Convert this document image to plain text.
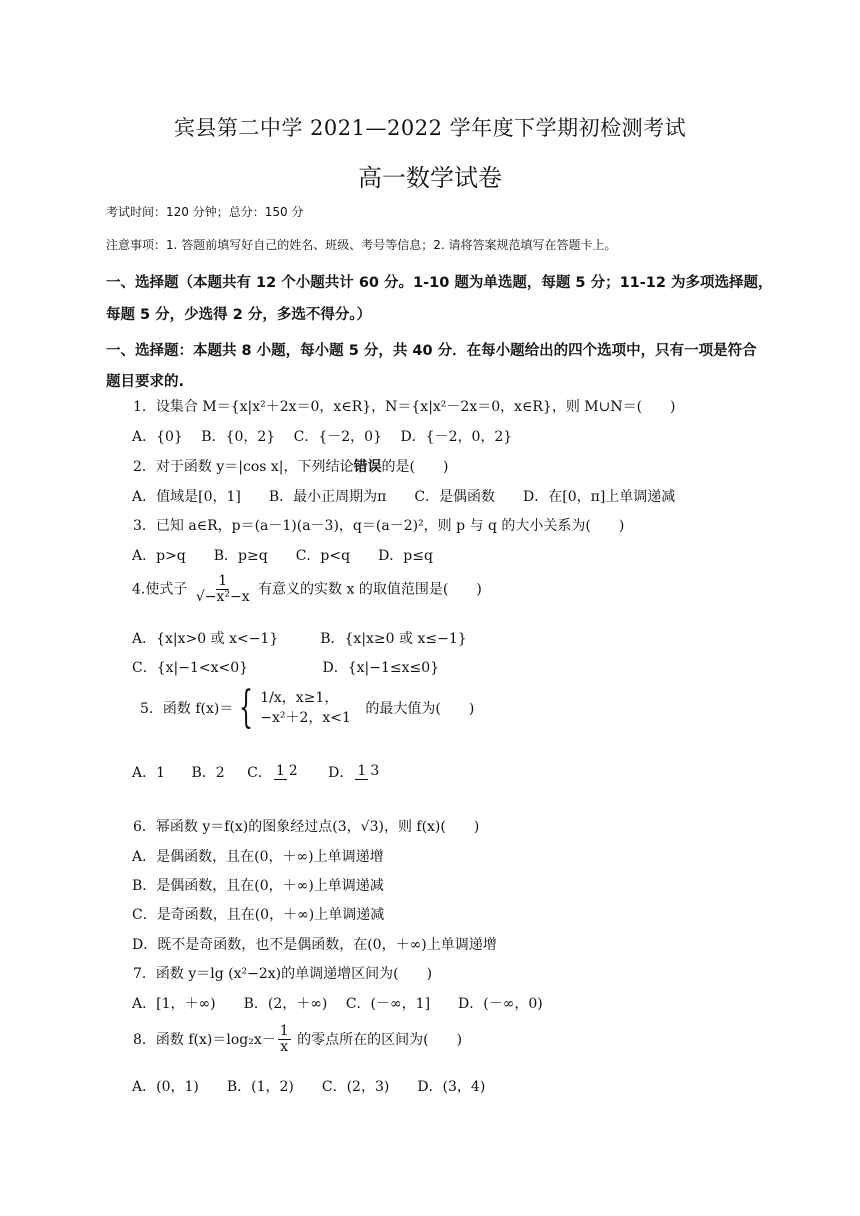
宾县第二中学 2021—2022 学年度下学期初检测考试
高一数学试卷
考试时间：120 分钟；总分：150 分
注意事项：1. 答题前填写好自己的姓名、班级、考号等信息；2. 请将答案规范填写在答题卡上。
一、选择题（本题共有 12 个小题共计 60 分。1-10 题为单选题，每题 5 分；11-12 为多项选择题，
每题 5 分，少选得 2 分，多选不得分。）
一、选择题：本题共 8 小题，每小题 5 分，共 40 分．在每小题给出的四个选项中，只有一项是符合
题目要求的.
1．设集合 M＝{x|x²＋2x＝0，x∈R}，N＝{x|x²－2x＝0，x∈R}，则 M∪N＝(　　)
A．{0}　 B．{0，2}　 C．{－2，0}　 D．{－2，0，2}
2．对于函数 y＝|cos x|，下列结论错误的是(　　)
A．值域是[0，1]　　B．最小正周期为π　　C．是偶函数　　D．在[0，π]上单调递减
3．已知 a∈R，p＝(a－1)(a－3)，q＝(a－2)²，则 p 与 q 的大小关系为(　　)
A．p>q　　B．p≥q　　C．p<q　　D．p≤q
4.使式子 $\frac{1}{\text{√−x²−x}}$ 有意义的实数 x 的取值范围是(　　)
A．{x|x>0 或 x<−1}　　　B．{x|x≥0 或 x≤−1}
C．{x|−1<x<0}　　　　　 D．{x|−1≤x≤0}
5．函数 f(x)＝ { 1/x，x≥1，
−x²＋2，x<1
的最大值为(　　)
A．1 B．2 C． 1 2 D． 1 3
6．幂函数 y＝f(x)的图象经过点(3，√3)，则 f(x)(　　)
A．是偶函数，且在(0，＋∞)上单调递增
B．是偶函数，且在(0，＋∞)上单调递减
C．是奇函数，且在(0，＋∞)上单调递减
D．既不是奇函数，也不是偶函数，在(0，＋∞)上单调递增
7．函数 y＝lg (x²−2x)的单调递增区间为(　　)
A．[1，＋∞)　　B．(2，＋∞)　 C．(－∞，1]　　D．(－∞，0)
8．函数 $f(x)=\log_2x- \frac{1}{x}$ 的零点所在的区间为(　　)
A．(0，1)　　B．(1，2)　　C．(2，3)　　D．(3，4)
